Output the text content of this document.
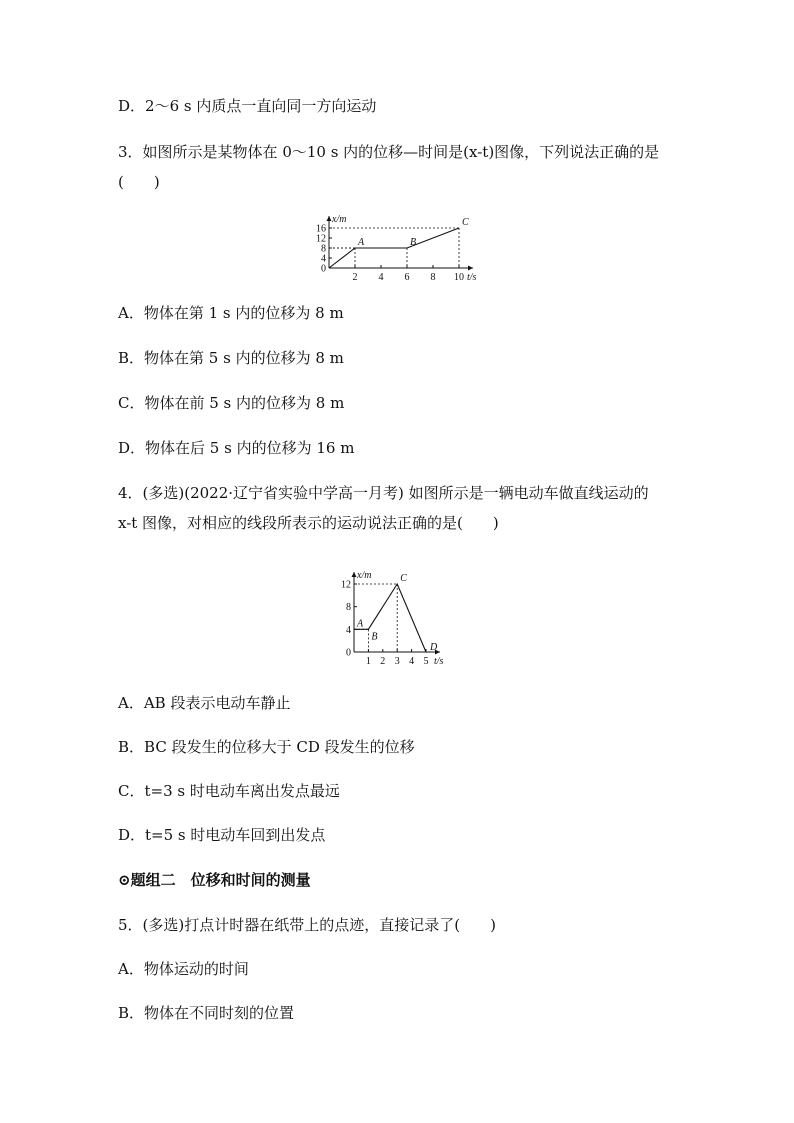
D．2～6 s 内质点一直向同一方向运动
3．如图所示是某物体在 0～10 s 内的位移—时间是(x-t)图像，下列说法正确的是
(　　)
x/m
t/s
2 4 6 8 10
0
4
8
12
16
A	B
C
A．物体在第 1 s 内的位移为 8 m
B．物体在第 5 s 内的位移为 8 m
C．物体在前 5 s 内的位移为 8 m
D．物体在后 5 s 内的位移为 16 m
4．(多选)(2022·辽宁省实验中学高一月考) 如图所示是一辆电动车做直线运动的
x-t 图像，对相应的线段所表示的运动说法正确的是(　　)
x/m
t/s
1 2 3 4 5
0
4
8
12
A
B
C
D
A．AB 段表示电动车静止
B．BC 段发生的位移大于 CD 段发生的位移
C．t=3 s 时电动车离出发点最远
D．t=5 s 时电动车回到出发点
⊙题组二　位移和时间的测量
5．(多选)打点计时器在纸带上的点迹，直接记录了(　　)
A．物体运动的时间
B．物体在不同时刻的位置
